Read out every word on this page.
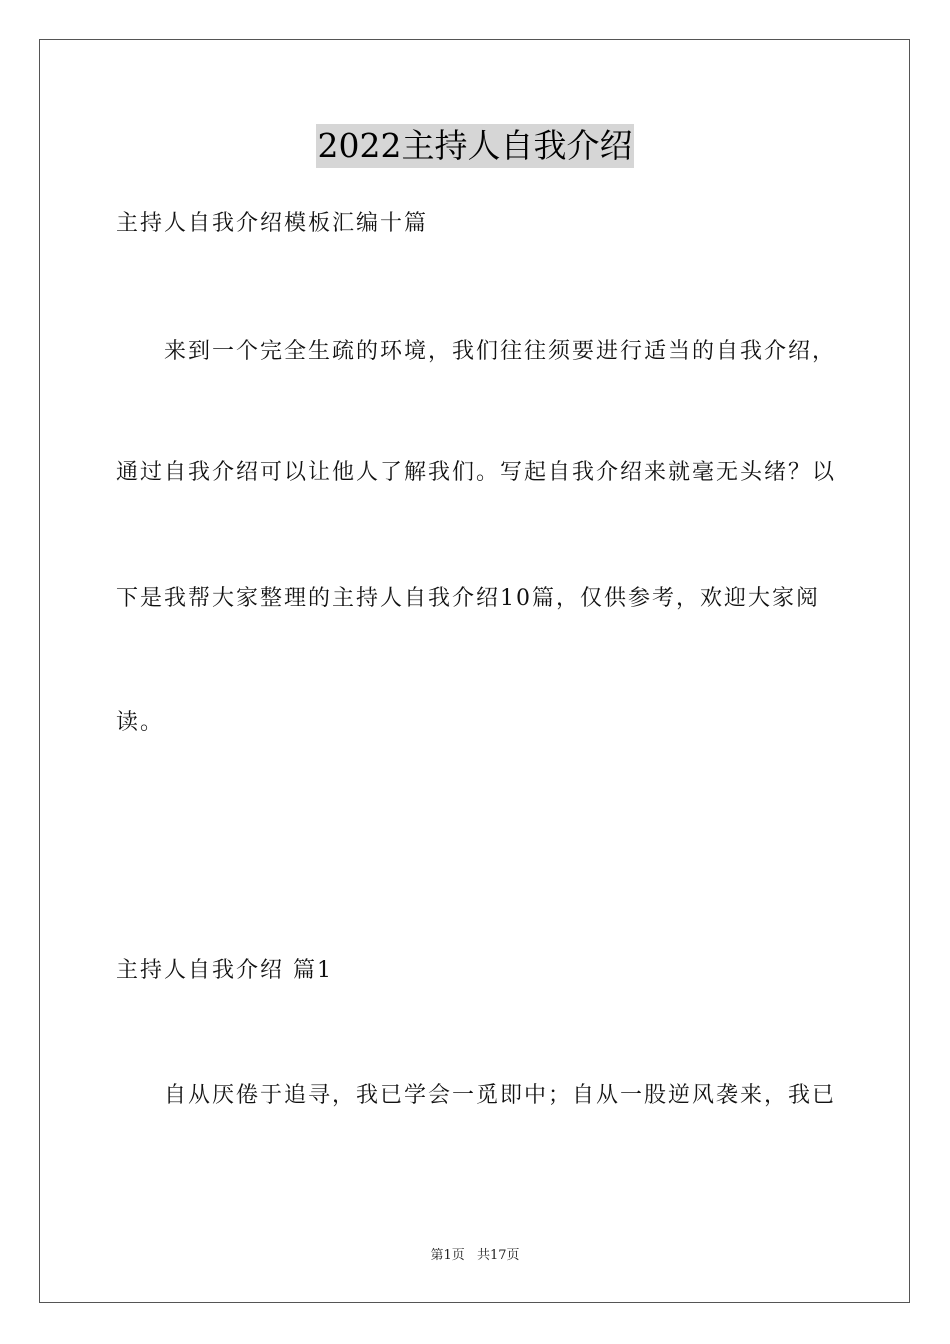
2022主持人自我介绍
主持人自我介绍模板汇编十篇
来到一个完全生疏的环境，我们往往须要进行适当的自我介绍，
通过自我介绍可以让他人了解我们。写起自我介绍来就毫无头绪？以
下是我帮大家整理的主持人自我介绍10篇，仅供参考，欢迎大家阅
读。
主持人自我介绍 篇1
自从厌倦于追寻，我已学会一觅即中；自从一股逆风袭来，我已
第1页 共17页
